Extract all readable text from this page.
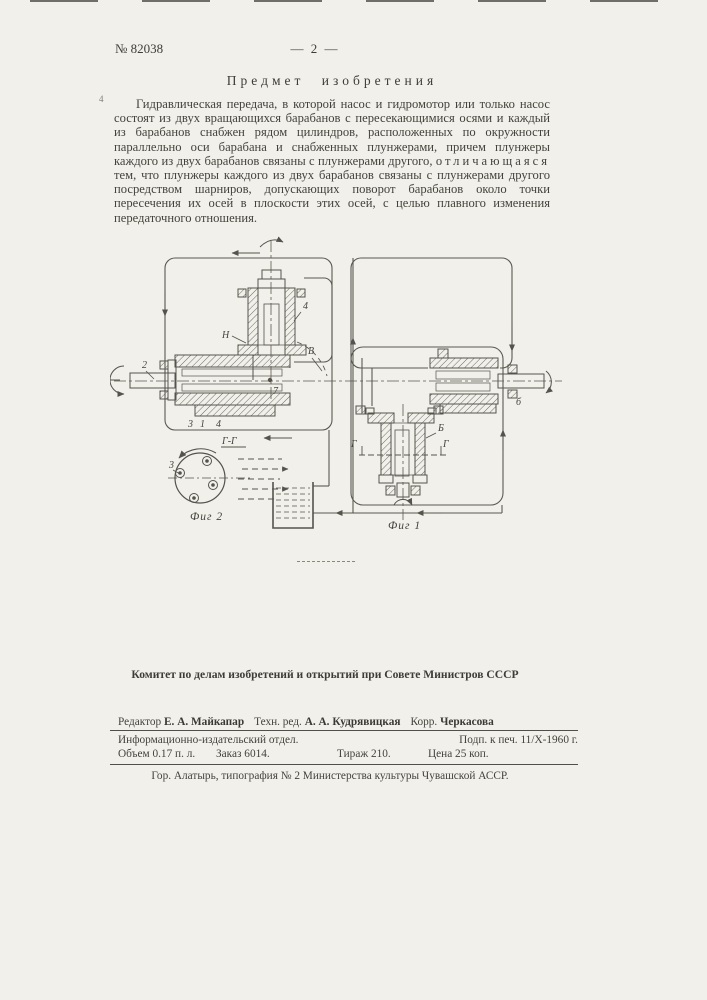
4
№ 82038	— 2 —
Предмет изобретения

Гидравлическая передача, в которой насос и гидромотор или только насос состоят из двух вращающихся барабанов с пересекающимися осями и каждый из барабанов снабжен рядом цилиндров, расположенных по окружности параллельно оси барабана и снабженных плунжерами, причем плунжеры каждого из двух барабанов связаны с плунжерами другого, отличающаяся тем, что плунжеры каждого из двух барабанов связаны с плунжерами другого посредством шарниров, допускающих поворот барабанов около точки пересечения их осей в плоскости этих осей, с целью плавного изменения передаточного отношения.

Н
4
В
7
2
3 1 4	Б
б
Г	Г
3
Г-Г
Фиг 2
Фиг 1
Комитет по делам изобретений и открытий при Совете Министров СССР
Редактор Е. А. Майкапар Техн. ред. А. А. Кудрявицкая Корр. Черкасова
Информационно-издательский отдел.	Подп. к печ. 11/X-1960 г.
Объем 0.17 п. л. Заказ 6014.	Тираж 210.	Цена 25 коп.
Гор. Алатырь, типография № 2 Министерства культуры Чувашской АССР.
